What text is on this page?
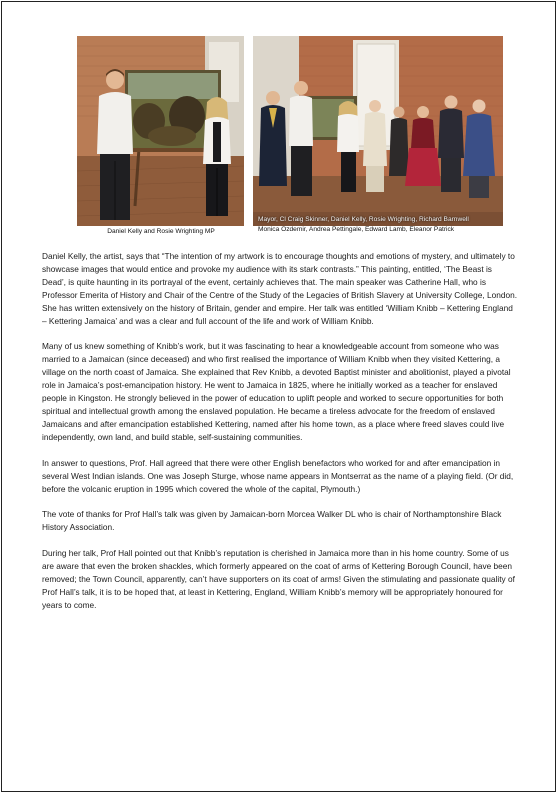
Daniel Kelly and Rosie Wrighting MP
Mayor, Cl Craig Skinner, Daniel Kelly, Rosie Wrighting, Richard Barnwell
Monica Ozdemir, Andrea Pettingale, Edward Lamb, Eleanor Patrick

Daniel Kelly, the artist, says that “The intention of my artwork is to encourage thoughts and emotions of mystery, and ultimately to showcase images that would entice and provoke my audience with its stark contrasts.” This painting, entitled, ‘The Beast is Dead’, is quite haunting in its portrayal of the event, certainly achieves that. The main speaker was Catherine Hall, who is Professor Emerita of History and Chair of the Centre of the Study of the Legacies of British Slavery at University College, London. She has written extensively on the history of Britain, gender and empire. Her talk was entitled ‘William Knibb – Kettering England – Kettering Jamaica’ and was a clear and full account of the life and work of William Knibb.

Many of us knew something of Knibb’s work, but it was fascinating to hear a knowledgeable account from someone who was married to a Jamaican (since deceased) and who first realised the importance of William Knibb when they visited Kettering, a village on the north coast of Jamaica. She explained that Rev Knibb, a devoted Baptist minister and abolitionist, played a pivotal role in Jamaica’s post-emancipation history. He went to Jamaica in 1825, where he initially worked as a teacher for enslaved people in Kingston. He strongly believed in the power of education to uplift people and worked to secure opportunities for both spiritual and intellectual growth among the enslaved population. He became a tireless advocate for the freedom of enslaved Jamaicans and after emancipation established Kettering, named after his home town, as a place where freed slaves could live independently, own land, and build stable, self-sustaining communities.

In answer to questions, Prof. Hall agreed that there were other English benefactors who worked for and after emancipation in several West Indian islands. One was Joseph Sturge, whose name appears in Montserrat as the name of a playing field. (Or did, before the volcanic eruption in 1995 which covered the whole of the capital, Plymouth.)

The vote of thanks for Prof Hall’s talk was given by Jamaican-born Morcea Walker DL who is chair of Northamptonshire Black History Association.

During her talk, Prof Hall pointed out that Knibb’s reputation is cherished in Jamaica more than in his home country. Some of us are aware that even the broken shackles, which formerly appeared on the coat of arms of Kettering Borough Council, have been removed; the Town Council, apparently, can’t have supporters on its coat of arms! Given the stimulating and passionate quality of Prof Hall’s talk, it is to be hoped that, at least in Kettering, England, William Knibb’s memory will be appropriately honoured for years to come.
